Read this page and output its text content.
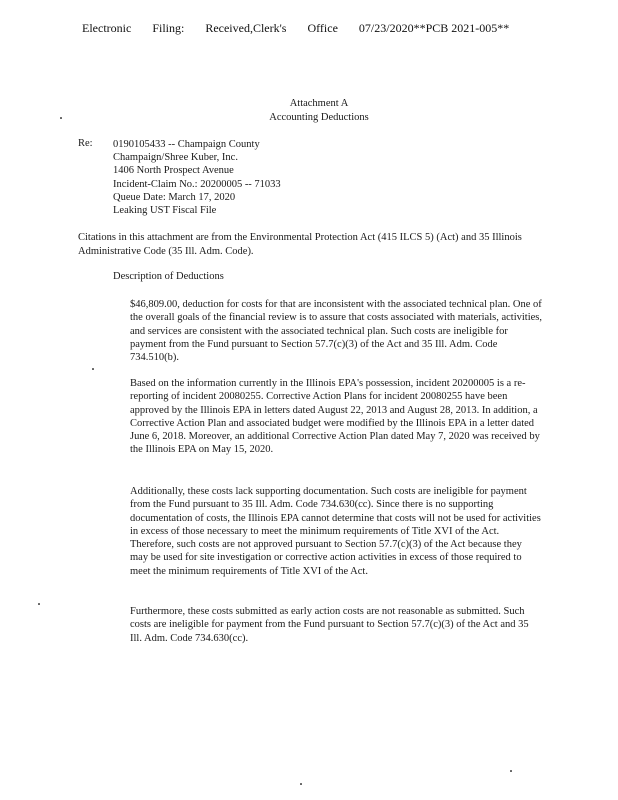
Electronic Filing: Received,Clerk's Office 07/23/2020**PCB 2021-005**
Attachment A
Accounting Deductions
Re: 0190105433 -- Champaign County
Champaign/Shree Kuber, Inc.
1406 North Prospect Avenue
Incident-Claim No.: 20200005 -- 71033
Queue Date: March 17, 2020
Leaking UST Fiscal File
Citations in this attachment are from the Environmental Protection Act (415 ILCS 5) (Act) and 35 Illinois Administrative Code (35 Ill. Adm. Code).
Description of Deductions
$46,809.00, deduction for costs for that are inconsistent with the associated technical plan. One of the overall goals of the financial review is to assure that costs associated with materials, activities, and services are consistent with the associated technical plan. Such costs are ineligible for payment from the Fund pursuant to Section 57.7(c)(3) of the Act and 35 Ill. Adm. Code 734.510(b).
Based on the information currently in the Illinois EPA's possession, incident 20200005 is a re-reporting of incident 20080255. Corrective Action Plans for incident 20080255 have been approved by the Illinois EPA in letters dated August 22, 2013 and August 28, 2013. In addition, a Corrective Action Plan and associated budget were modified by the Illinois EPA in a letter dated June 6, 2018. Moreover, an additional Corrective Action Plan dated May 7, 2020 was received by the Illinois EPA on May 15, 2020.
Additionally, these costs lack supporting documentation. Such costs are ineligible for payment from the Fund pursuant to 35 Ill. Adm. Code 734.630(cc). Since there is no supporting documentation of costs, the Illinois EPA cannot determine that costs will not be used for activities in excess of those necessary to meet the minimum requirements of Title XVI of the Act. Therefore, such costs are not approved pursuant to Section 57.7(c)(3) of the Act because they may be used for site investigation or corrective action activities in excess of those required to meet the minimum requirements of Title XVI of the Act.
Furthermore, these costs submitted as early action costs are not reasonable as submitted. Such costs are ineligible for payment from the Fund pursuant to Section 57.7(c)(3) of the Act and 35 Ill. Adm. Code 734.630(cc).
